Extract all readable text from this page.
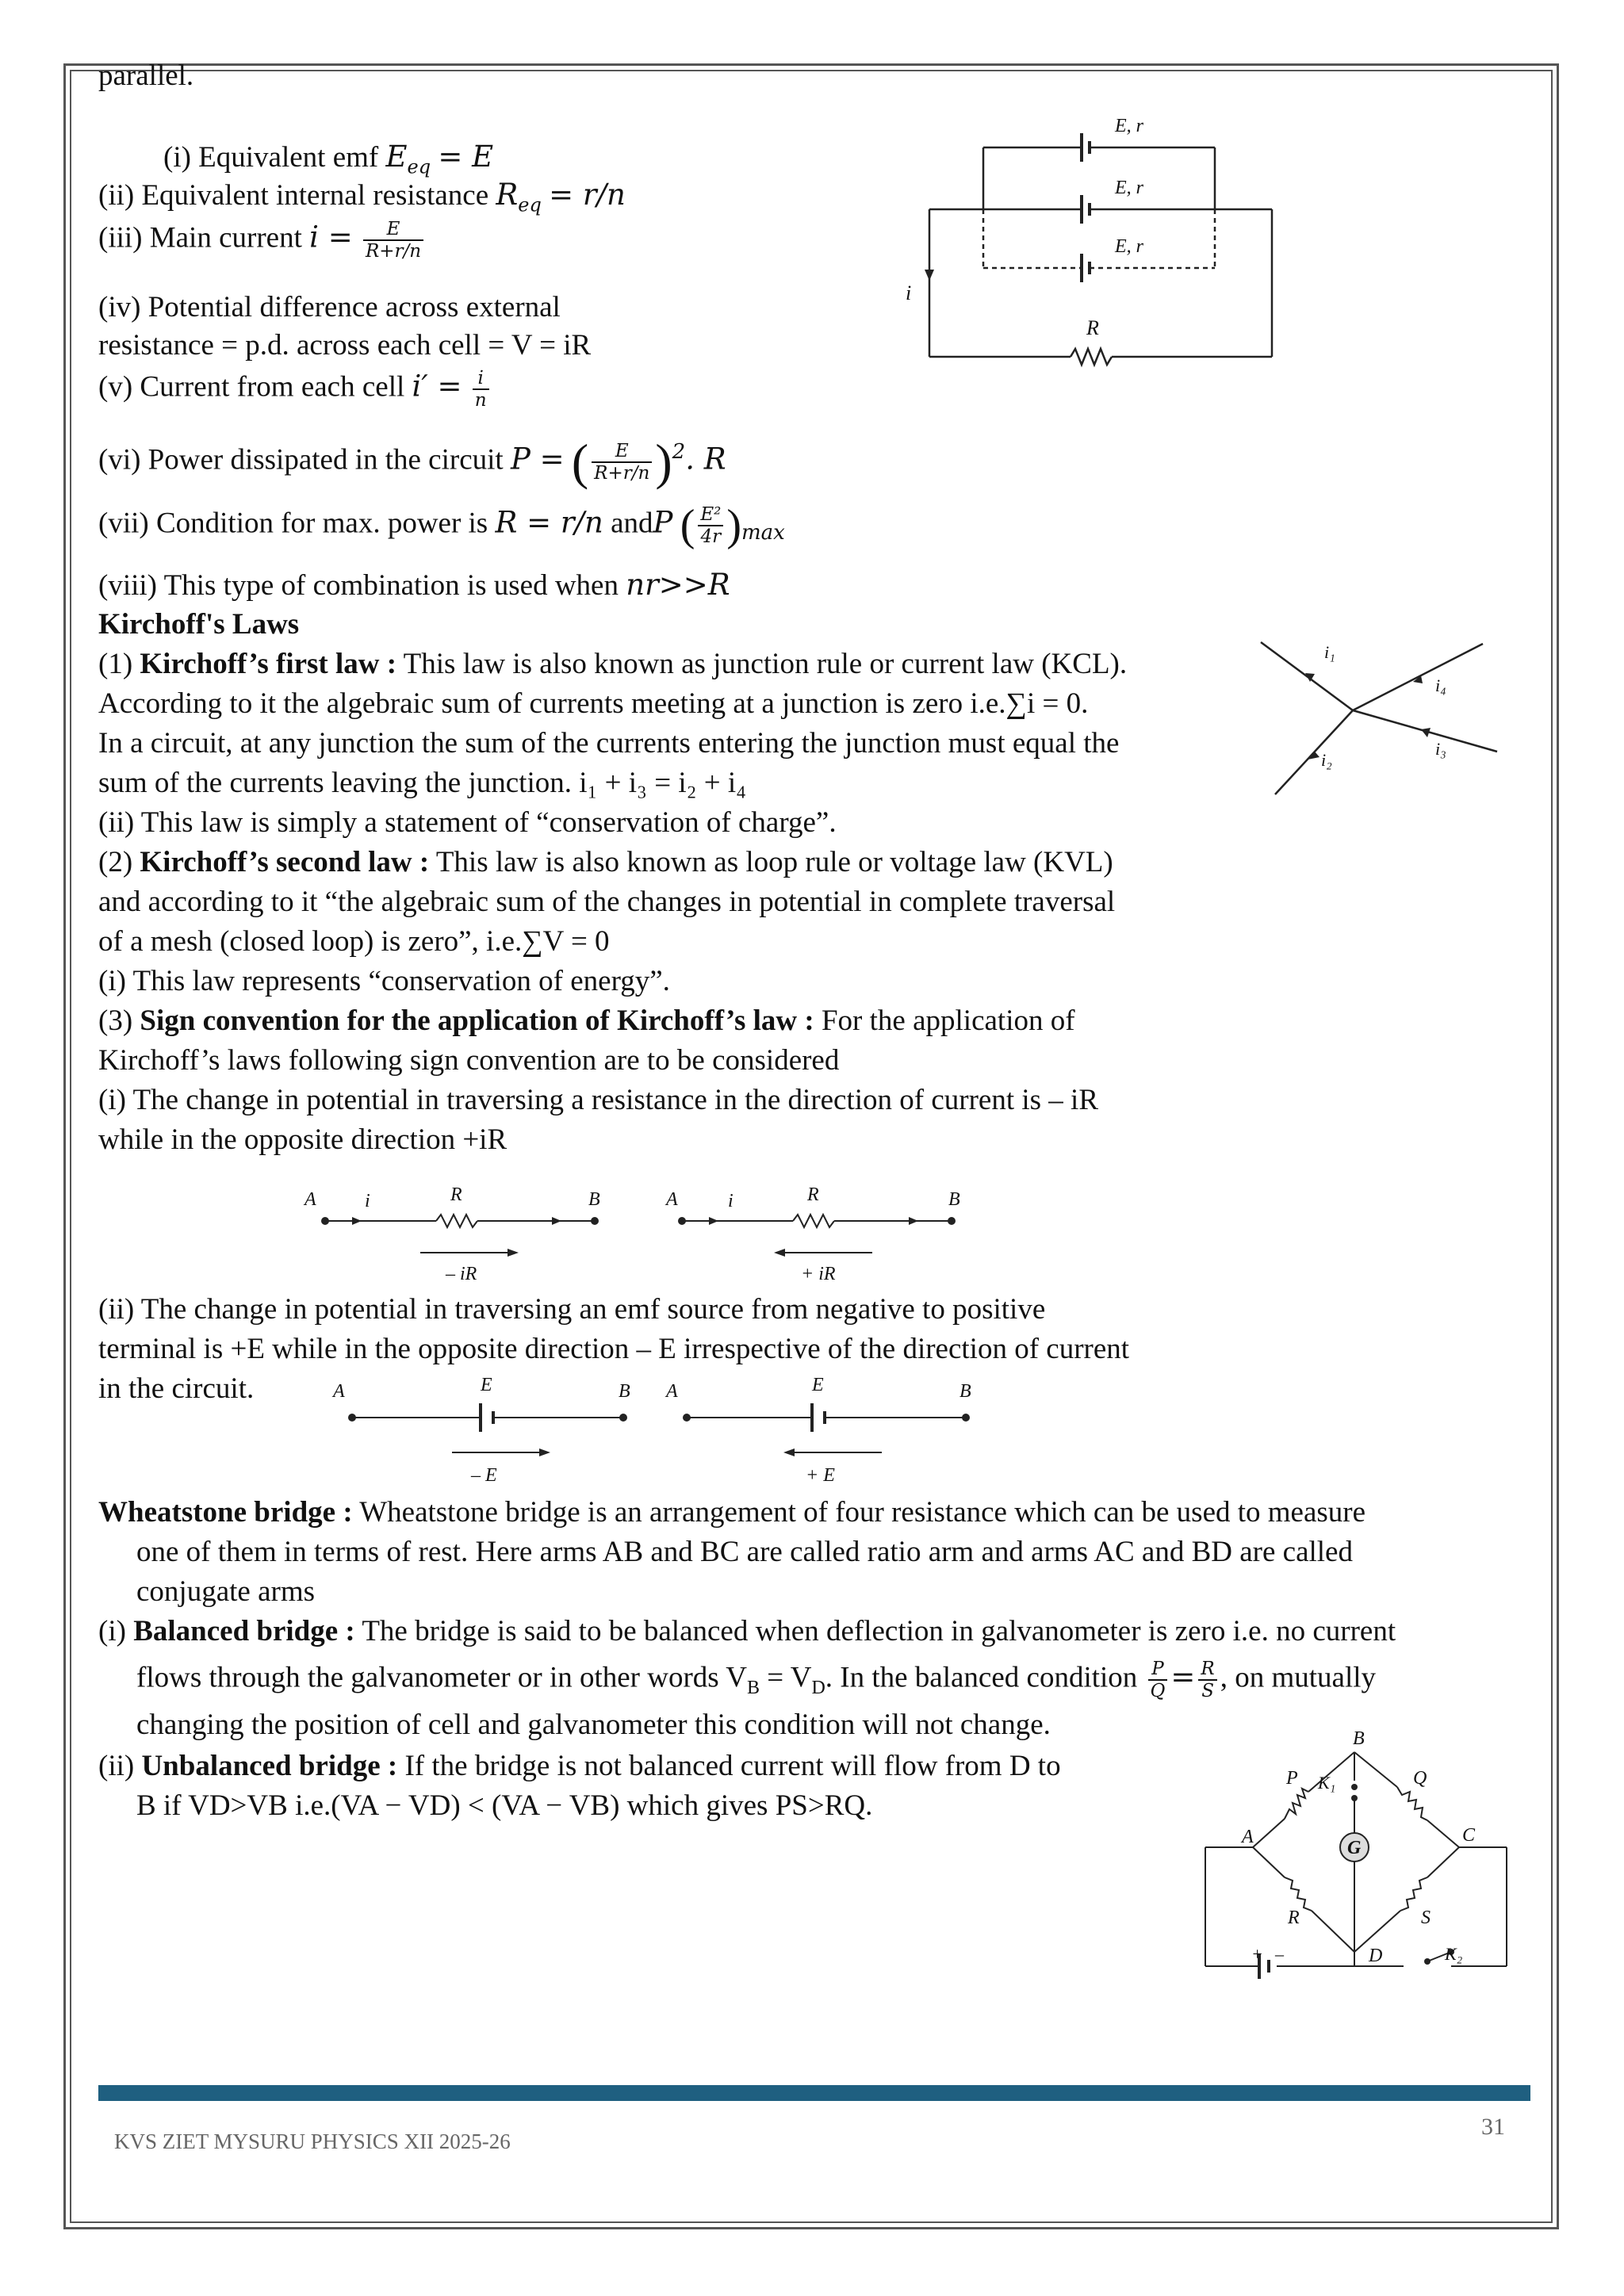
parallel.
(i) Equivalent emf $E_{eq} = E$
(ii) Equivalent internal resistance $R_{eq} = r/n$
(iii) Main current $i = \frac{E}{R+r/n}$
(iv) Potential difference across external
resistance = p.d. across each cell = V = iR
(v) Current from each cell $i' = \frac{i}{n}$
(vi) Power dissipated in the circuit P = ( $\frac{E}{R+r/n} )^2$. R
(vii) Condition for max. power is R = r/n andP ( $\frac{\text{E²}}{4r} )_{max}$
(viii) This type of combination is used when nr>>R
E, r
E, r
E, r
i
R
Kirchoff's Laws
(1) Kirchoff’s first law : This law is also known as junction rule or current law (KCL).
According to it the algebraic sum of currents meeting at a junction is zero i.e.∑i = 0.
In a circuit, at any junction the sum of the currents entering the junction must equal the
sum of the currents leaving the junction. i₁ + i₃ = i₂ + i₄
(ii) This law is simply a statement of “conservation of charge”.
(2) Kirchoff’s second law : This law is also known as loop rule or voltage law (KVL)
and according to it “the algebraic sum of the changes in potential in complete traversal
of a mesh (closed loop) is zero”, i.e.∑V = 0
(i) This law represents “conservation of energy”.
(3) Sign convention for the application of Kirchoff’s law : For the application of
Kirchoff’s laws following sign convention are to be considered
(i) The change in potential in traversing a resistance in the direction of current is – iR
while in the opposite direction +iR
i₁
i₄
i₂
i₃
A	i	R	B
– iR
A	i	R	B
+ iR
(ii) The change in potential in traversing an emf source from negative to positive
terminal is +E while in the opposite direction – E irrespective of the direction of current
in the circuit.	A	E	B
– E
A	E	B
+ E
Wheatstone bridge : Wheatstone bridge is an arrangement of four resistance which can be used to measure
one of them in terms of rest. Here arms AB and BC are called ratio arm and arms AC and BD are called
conjugate arms
(i) Balanced bridge : The bridge is said to be balanced when deflection in galvanometer is zero i.e. no current
flows through the galvanometer or in other words $V_B = V_D$. In the balanced condition $\frac{P}{Q} = \frac{R}{S}$ , on mutually
changing the position of cell and galvanometer this condition will not change.
(ii) Unbalanced bridge : If the bridge is not balanced current will flow from D to
B if VD>VB i.e.(VA − VD) < (VA − VB) which gives PS>RQ.
B
A	C
D
P K₁	Q
R	S
G
K₂
+ –
KVS ZIET MYSURU PHYSICS XII 2025-26
31
